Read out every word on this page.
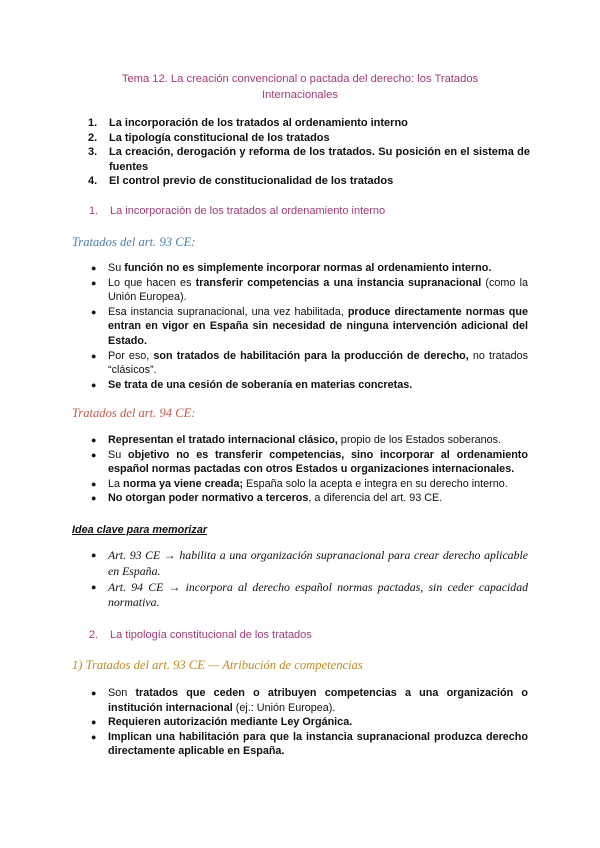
Tema 12. La creación convencional o pactada del derecho: los Tratados
Internacionales
1. La incorporación de los tratados al ordenamiento interno
2. La tipología constitucional de los tratados
3. La creación, derogación y reforma de los tratados. Su posición en el sistema de fuentes
4. El control previo de constitucionalidad de los tratados
1. La incorporación de los tratados al ordenamiento interno
Tratados del art. 93 CE:
● Su función no es simplemente incorporar normas al ordenamiento interno.
● Lo que hacen es transferir competencias a una instancia supranacional (como la Unión Europea).
● Esa instancia supranacional, una vez habilitada, produce directamente normas que entran en vigor en España sin necesidad de ninguna intervención adicional del Estado.
● Por eso, son tratados de habilitación para la producción de derecho, no tratados “clásicos”.
● Se trata de una cesión de soberanía en materias concretas.
Tratados del art. 94 CE:
● Representan el tratado internacional clásico, propio de los Estados soberanos.
● Su objetivo no es transferir competencias, sino incorporar al ordenamiento español normas pactadas con otros Estados u organizaciones internacionales.
● La norma ya viene creada; España solo la acepta e integra en su derecho interno.
● No otorgan poder normativo a terceros, a diferencia del art. 93 CE.
Idea clave para memorizar
● Art. 93 CE → habilita a una organización supranacional para crear derecho aplicable en España.
● Art. 94 CE → incorpora al derecho español normas pactadas, sin ceder capacidad normativa.
2. La tipología constitucional de los tratados
1) Tratados del art. 93 CE — Atribución de competencias
● Son tratados que ceden o atribuyen competencias a una organización o institución internacional (ej.: Unión Europea).
● Requieren autorización mediante Ley Orgánica.
● Implican una habilitación para que la instancia supranacional produzca derecho directamente aplicable en España.
